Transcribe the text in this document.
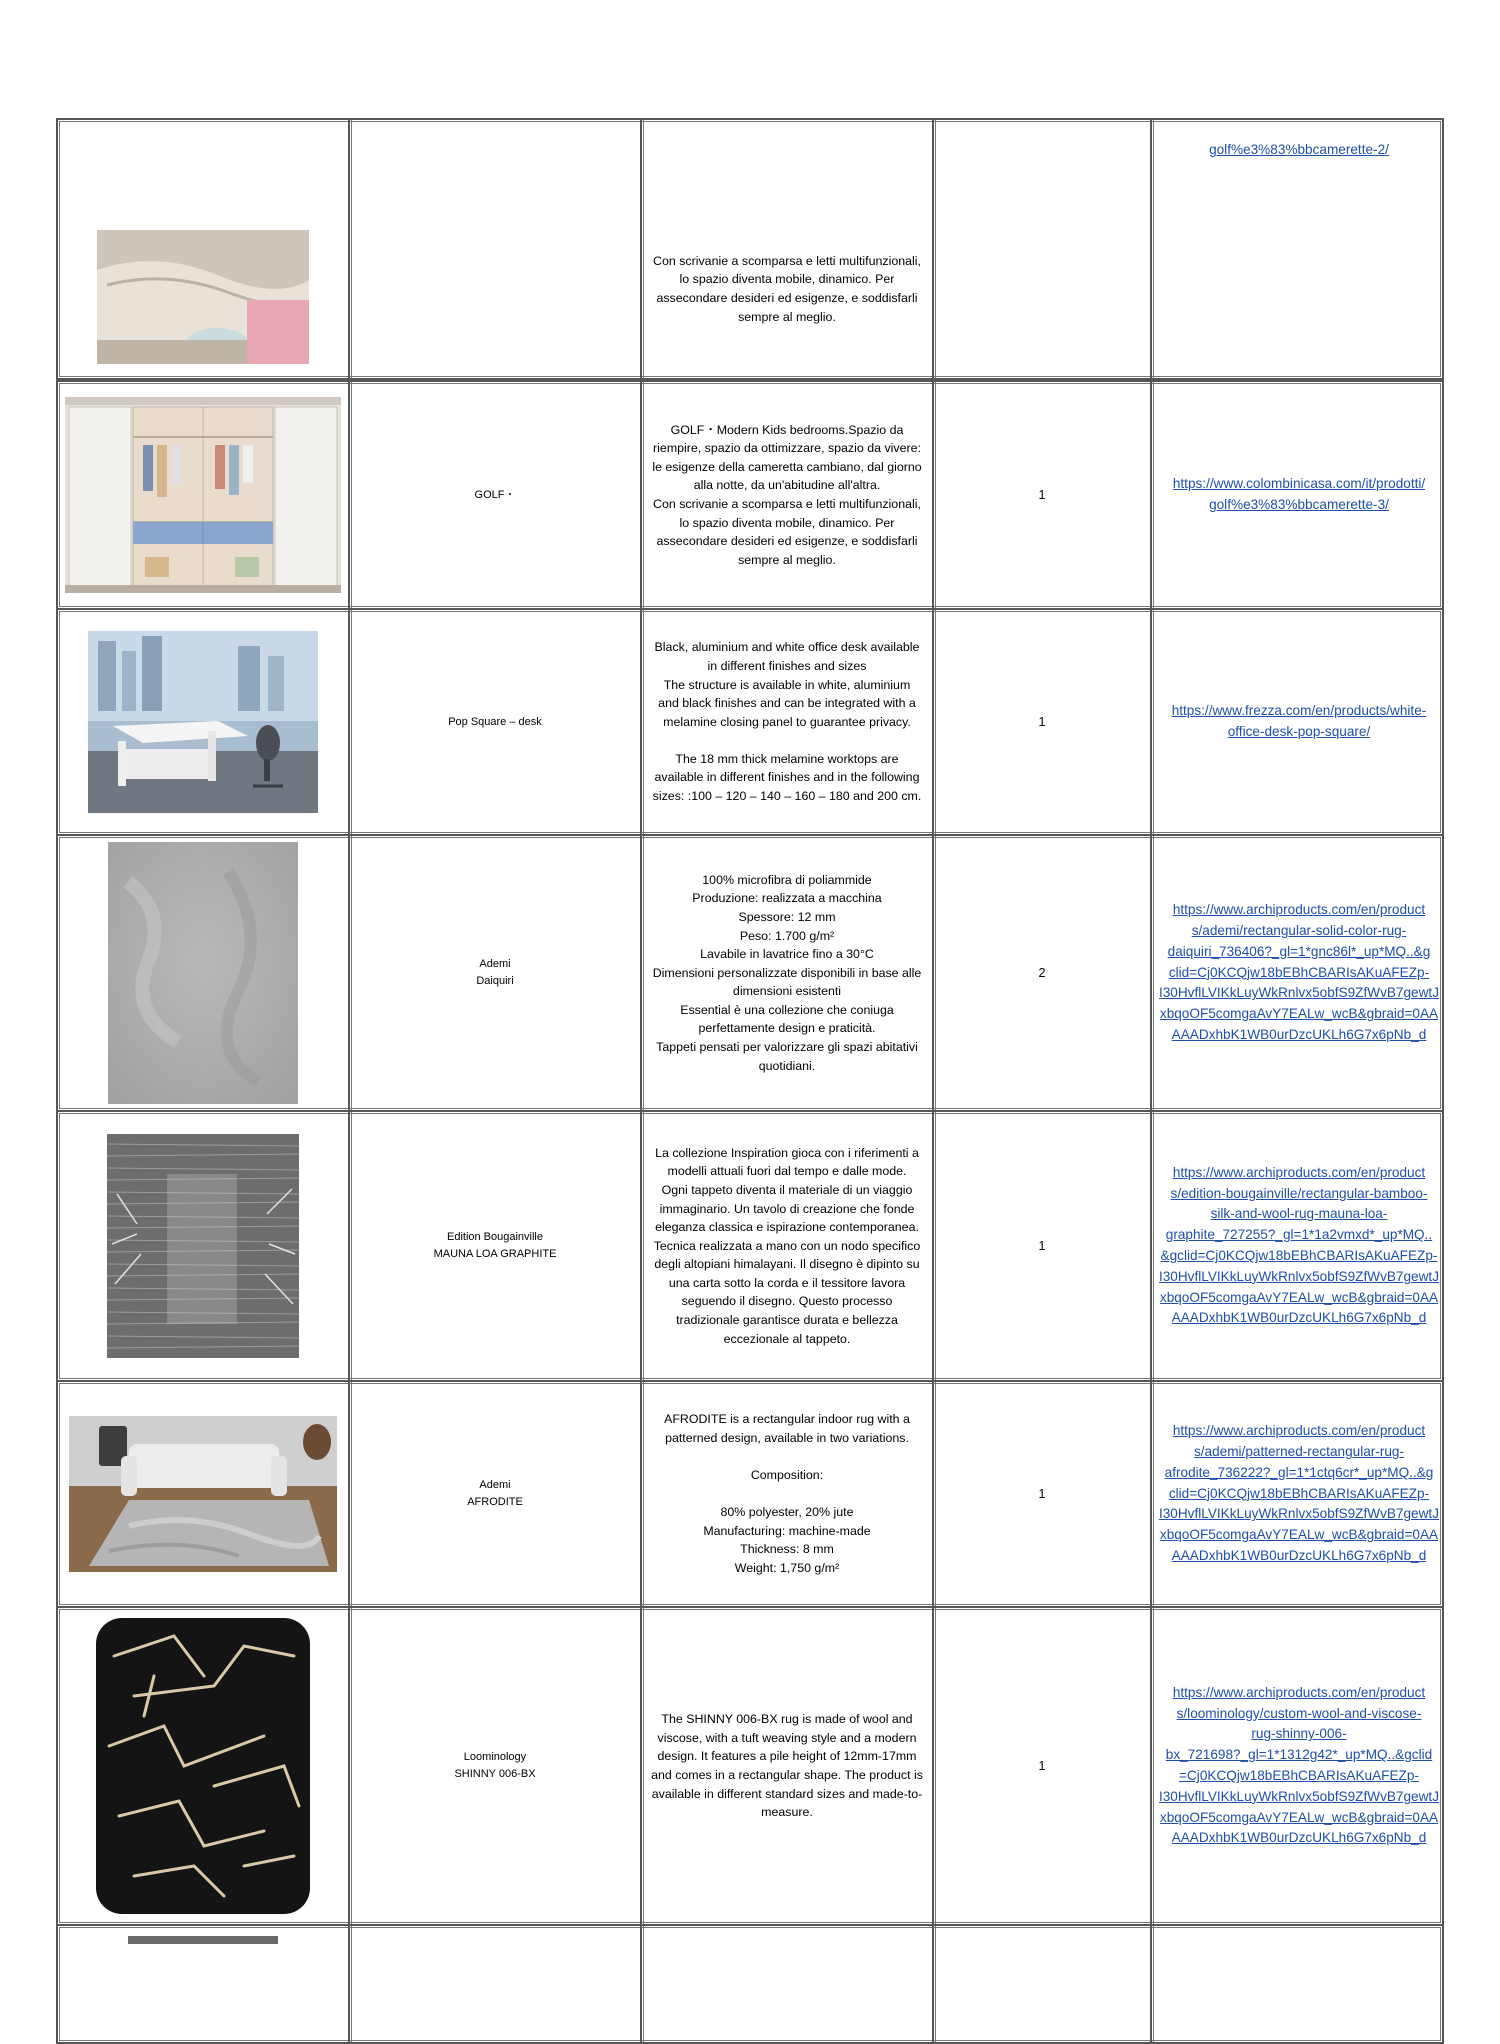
Con scrivanie a scomparsa e letti multifunzionali,
lo spazio diventa mobile, dinamico. Per
assecondare desideri ed esigenze, e soddisfarli
sempre al meglio.
golf%e3%83%bbcamerette-2/
GOLF・
GOLF・Modern Kids bedrooms.Spazio da
riempire, spazio da ottimizzare, spazio da vivere:
le esigenze della cameretta cambiano, dal giorno
alla notte, da un'abitudine all'altra.
Con scrivanie a scomparsa e letti multifunzionali,
lo spazio diventa mobile, dinamico. Per
assecondare desideri ed esigenze, e soddisfarli
sempre al meglio.
1
https://www.colombinicasa.com/it/prodotti/
golf%e3%83%bbcamerette-3/
Pop Square – desk
Black, aluminium and white office desk available
in different finishes and sizes
The structure is available in white, aluminium
and black finishes and can be integrated with a
melamine closing panel to guarantee privacy.

The 18 mm thick melamine worktops are
available in different finishes and in the following
sizes: :100 – 120 – 140 – 160 – 180 and 200 cm.
1
https://www.frezza.com/en/products/white-
office-desk-pop-square/
Ademi
Daiquiri
100% microfibra di poliammide
Produzione: realizzata a macchina
Spessore: 12 mm
Peso: 1.700 g/m²
Lavabile in lavatrice fino a 30°C
Dimensioni personalizzate disponibili in base alle
dimensioni esistenti
Essential è una collezione che coniuga
perfettamente design e praticità.
Tappeti pensati per valorizzare gli spazi abitativi
quotidiani.
2
https://www.archiproducts.com/en/product
s/ademi/rectangular-solid-color-rug-
daiquiri_736406?_gl=1*gnc86l*_up*MQ..&g
clid=Cj0KCQjw18bEBhCBARIsAKuAFEZp-
I30HvflLVIKkLuyWkRnlvx5obfS9ZfWvB7gewtJ
xbqoOF5comgaAvY7EALw_wcB&gbraid=0AA
AAADxhbK1WB0urDzcUKLh6G7x6pNb_d
Edition Bougainville
MAUNA LOA GRAPHITE
La collezione Inspiration gioca con i riferimenti a
modelli attuali fuori dal tempo e dalle mode.
Ogni tappeto diventa il materiale di un viaggio
immaginario. Un tavolo di creazione che fonde
eleganza classica e ispirazione contemporanea.
Tecnica realizzata a mano con un nodo specifico
degli altopiani himalayani. Il disegno è dipinto su
una carta sotto la corda e il tessitore lavora
seguendo il disegno. Questo processo
tradizionale garantisce durata e bellezza
eccezionale al tappeto.
1
https://www.archiproducts.com/en/product
s/edition-bougainville/rectangular-bamboo-
silk-and-wool-rug-mauna-loa-
graphite_727255?_gl=1*1a2vmxd*_up*MQ..
&gclid=Cj0KCQjw18bEBhCBARIsAKuAFEZp-
I30HvflLVIKkLuyWkRnlvx5obfS9ZfWvB7gewtJ
xbqoOF5comgaAvY7EALw_wcB&gbraid=0AA
AAADxhbK1WB0urDzcUKLh6G7x6pNb_d
Ademi
AFRODITE
AFRODITE is a rectangular indoor rug with a
patterned design, available in two variations.

Composition:

80% polyester, 20% jute
Manufacturing: machine-made
Thickness: 8 mm
Weight: 1,750 g/m²
1
https://www.archiproducts.com/en/product
s/ademi/patterned-rectangular-rug-
afrodite_736222?_gl=1*1ctq6cr*_up*MQ..&g
clid=Cj0KCQjw18bEBhCBARIsAKuAFEZp-
I30HvflLVIKkLuyWkRnlvx5obfS9ZfWvB7gewtJ
xbqoOF5comgaAvY7EALw_wcB&gbraid=0AA
AAADxhbK1WB0urDzcUKLh6G7x6pNb_d
Loominology
SHINNY 006-BX
The SHINNY 006-BX rug is made of wool and
viscose, with a tuft weaving style and a modern
design. It features a pile height of 12mm-17mm
and comes in a rectangular shape. The product is
available in different standard sizes and made-to-
measure.
1
https://www.archiproducts.com/en/product
s/loominology/custom-wool-and-viscose-
rug-shinny-006-
bx_721698?_gl=1*1312g42*_up*MQ..&gclid
=Cj0KCQjw18bEBhCBARIsAKuAFEZp-
I30HvflLVIKkLuyWkRnlvx5obfS9ZfWvB7gewtJ
xbqoOF5comgaAvY7EALw_wcB&gbraid=0AA
AAADxhbK1WB0urDzcUKLh6G7x6pNb_d
